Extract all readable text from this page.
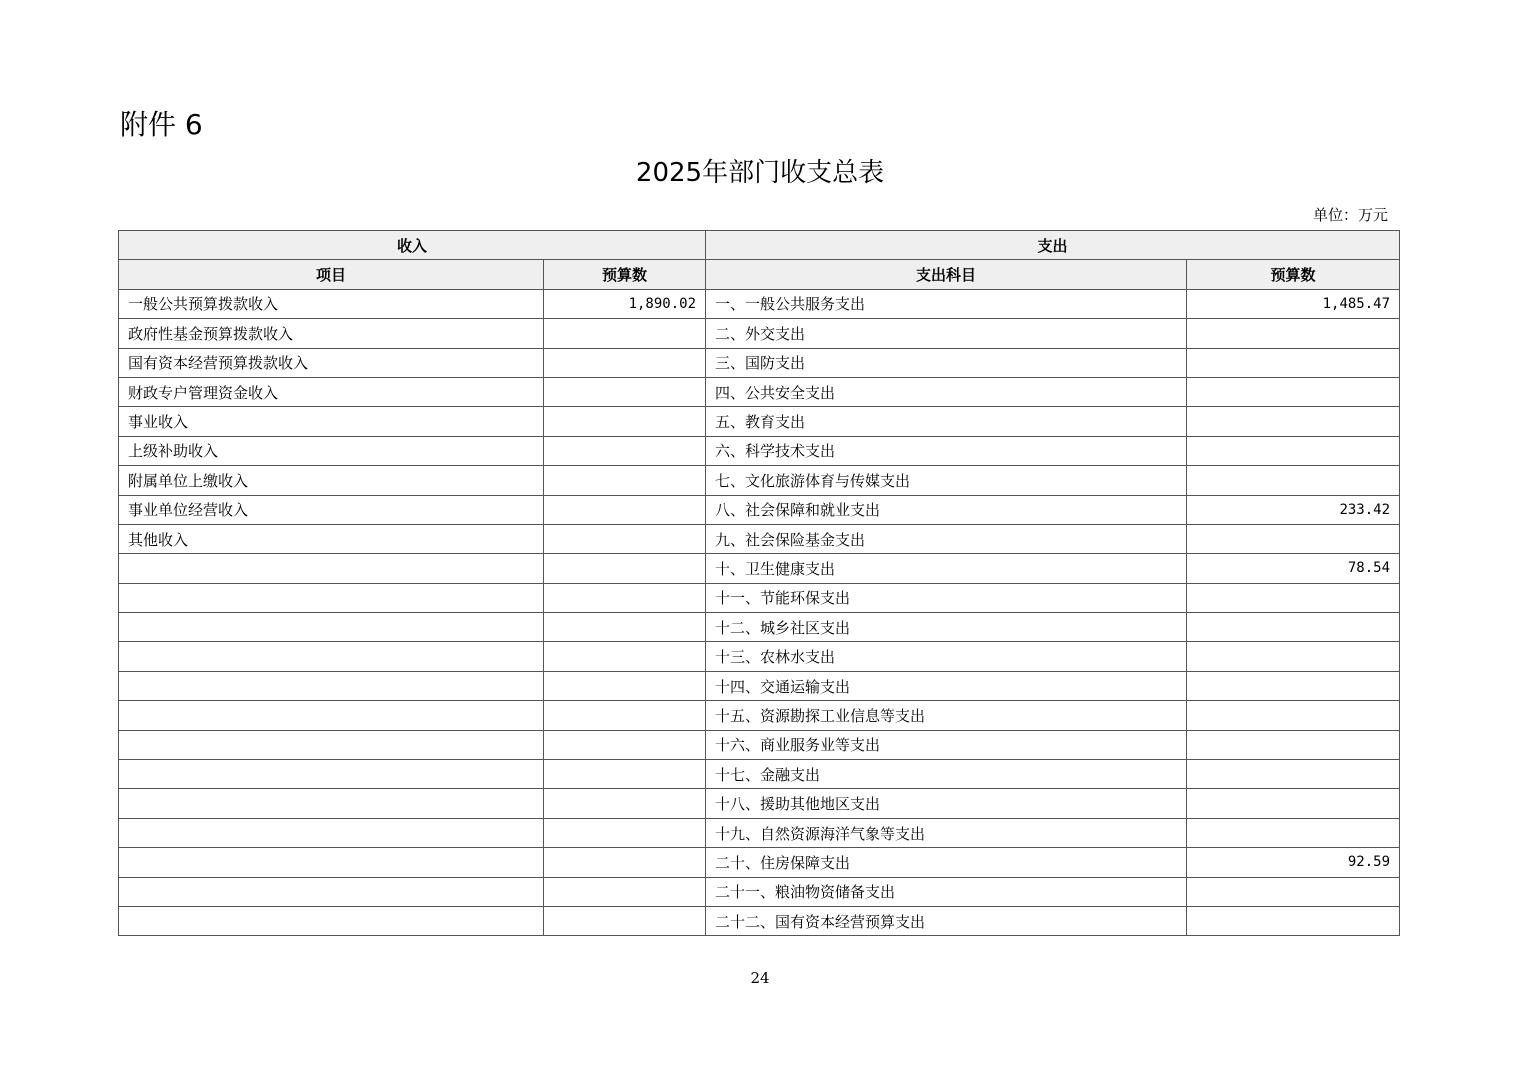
附件 6
2025年部门收支总表
单位：万元
收入		支出	
项目	预算数	支出科目	预算数
一般公共预算拨款收入	1,890.02	一、一般公共服务支出	1,485.47
政府性基金预算拨款收入		二、外交支出	
国有资本经营预算拨款收入		三、国防支出	
财政专户管理资金收入		四、公共安全支出	
事业收入		五、教育支出	
上级补助收入		六、科学技术支出	
附属单位上缴收入		七、文化旅游体育与传媒支出	
事业单位经营收入		八、社会保障和就业支出	233.42
其他收入		九、社会保险基金支出	
		十、卫生健康支出	78.54
		十一、节能环保支出	
		十二、城乡社区支出	
		十三、农林水支出	
		十四、交通运输支出	
		十五、资源勘探工业信息等支出	
		十六、商业服务业等支出	
		十七、金融支出	
		十八、援助其他地区支出	
		十九、自然资源海洋气象等支出	
		二十、住房保障支出	92.59
		二十一、粮油物资储备支出	
		二十二、国有资本经营预算支出	
24
